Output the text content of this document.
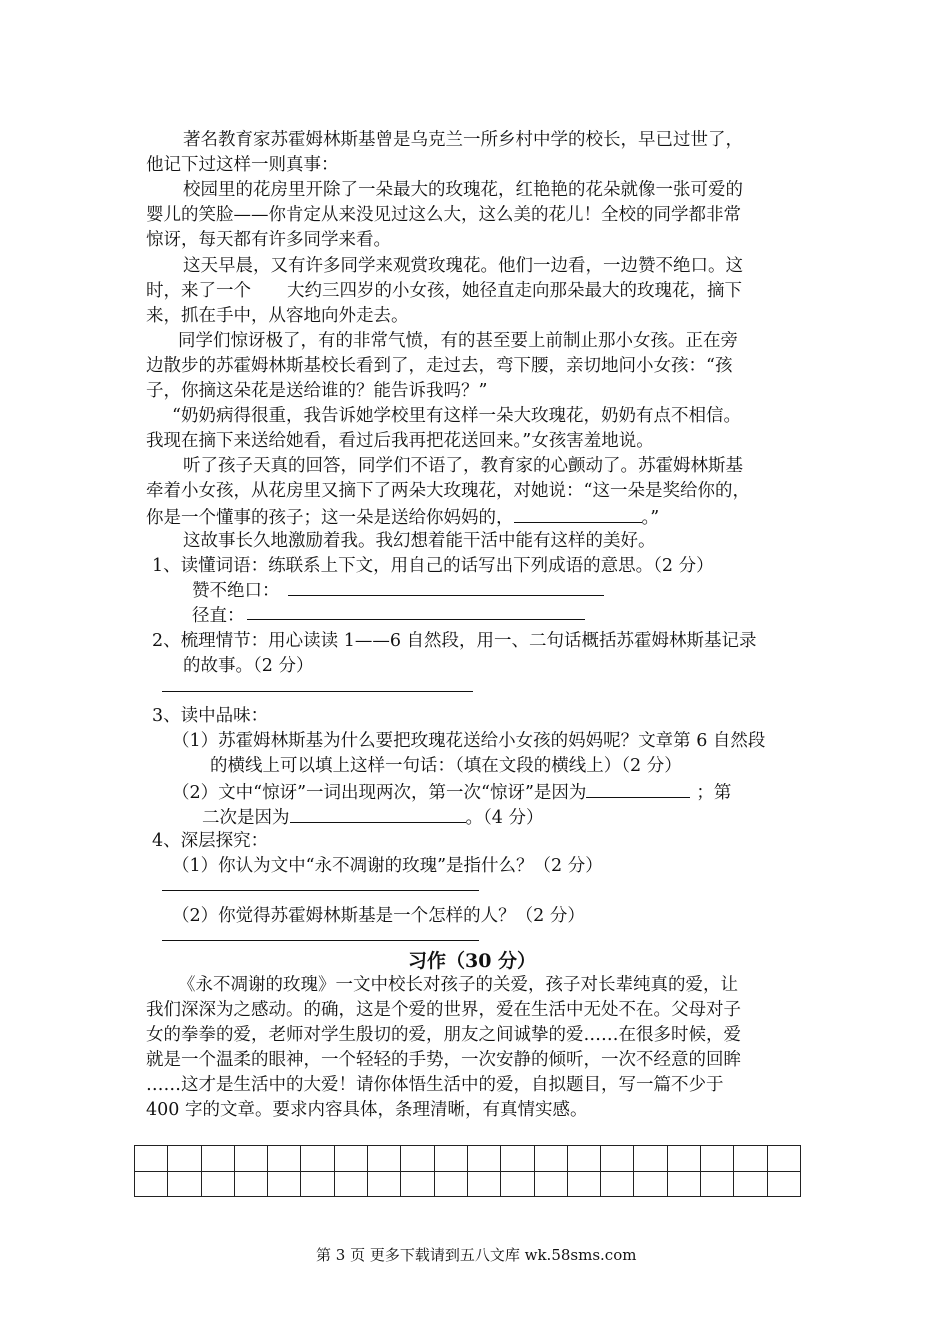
著名教育家苏霍姆林斯基曾是乌克兰一所乡村中学的校长，早已过世了，
他记下过这样一则真事：
校园里的花房里开除了一朵最大的玫瑰花，红艳艳的花朵就像一张可爱的
婴儿的笑脸——你肯定从来没见过这么大，这么美的花儿！全校的同学都非常
惊讶，每天都有许多同学来看。
这天早晨，又有许多同学来观赏玫瑰花。他们一边看，一边赞不绝口。这
时，来了一个 大约三四岁的小女孩，她径直走向那朵最大的玫瑰花，摘下
来，抓在手中，从容地向外走去。
同学们惊讶极了，有的非常气愤，有的甚至要上前制止那小女孩。正在旁
边散步的苏霍姆林斯基校长看到了，走过去，弯下腰，亲切地问小女孩：“孩
子，你摘这朵花是送给谁的？能告诉我吗？”
“奶奶病得很重，我告诉她学校里有这样一朵大玫瑰花，奶奶有点不相信。
我现在摘下来送给她看，看过后我再把花送回来。”女孩害羞地说。
听了孩子天真的回答，同学们不语了，教育家的心颤动了。苏霍姆林斯基
牵着小女孩，从花房里又摘下了两朵大玫瑰花，对她说：“这一朵是奖给你的，
你是一个懂事的孩子；这一朵是送给你妈妈的，	。”
这故事长久地激励着我。我幻想着能干活中能有这样的美好。
1、读懂词语：练联系上下文，用自己的话写出下列成语的意思。（2 分）
赞不绝口：
径直：
2、梳理情节：用心读读 1——6 自然段，用一、二句话概括苏霍姆林斯基记录
的故事。（2 分）
3、读中品味：
（1）苏霍姆林斯基为什么要把玫瑰花送给小女孩的妈妈呢？文章第 6 自然段
的横线上可以填上这样一句话：（填在文段的横线上）（2 分）
（2）文中“惊讶”一词出现两次，第一次“惊讶”是因为	；第
二次是因为	。（4 分）
4、深层探究：
（1）你认为文中“永不凋谢的玫瑰”是指什么？（2 分）
（2）你觉得苏霍姆林斯基是一个怎样的人？（2 分）
习作（30 分）
《永不凋谢的玫瑰》一文中校长对孩子的关爱，孩子对长辈纯真的爱，让
我们深深为之感动。的确，这是个爱的世界，爱在生活中无处不在。父母对子
女的拳拳的爱，老师对学生殷切的爱，朋友之间诚挚的爱……在很多时候，爱
就是一个温柔的眼神，一个轻轻的手势，一次安静的倾听，一次不经意的回眸
……这才是生活中的大爱！请你体悟生活中的爱，自拟题目，写一篇不少于
400 字的文章。要求内容具体，条理清晰，有真情实感。

第 3 页 更多下载请到五八文库 wk.58sms.com
